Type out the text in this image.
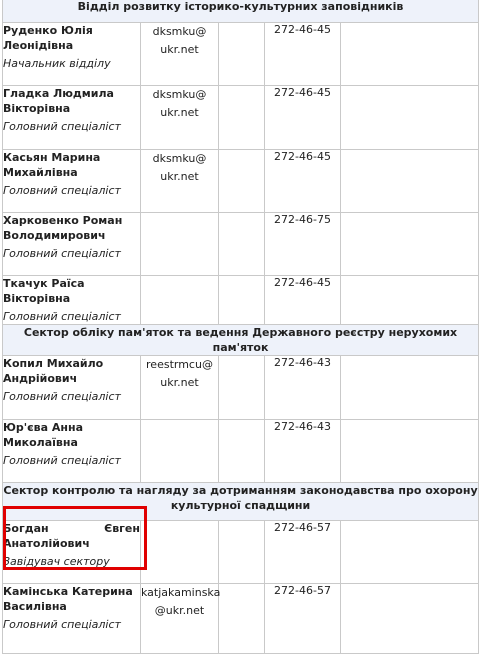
Відділ розвитку історико-культурних заповідників				

Руденко Юлія Леонідівна
Начальник відділу	dksmku@ ukr.net		272-46-45	

Гладка Людмила Вікторівна
Головний спеціаліст	dksmku@ ukr.net		272-46-45	

Касьян Марина Михайлівна
Головний спеціаліст	dksmku@ ukr.net		272-46-45	

Харковенко Роман Володимирович
Головний спеціаліст			272-46-75	

Ткачук Раїса Вікторівна
Головний спеціаліст			272-46-45	
Сектор обліку пам'яток та ведення Державного реєстру нерухомих пам'яток				

Копил Михайло Андрійович
Головний спеціаліст	reestrmcu@ ukr.net		272-46-43	

Юр'єва Анна Миколаївна
Головний спеціаліст			272-46-43	
Сектор контролю та нагляду за дотриманням законодавства про охорону культурної спадщини				

Богдан Євген Анатолійович
Завідувач сектору			272-46-57	

Камінська Катерина Василівна
Головний спеціаліст	katjakaminska @ukr.net		272-46-57	
